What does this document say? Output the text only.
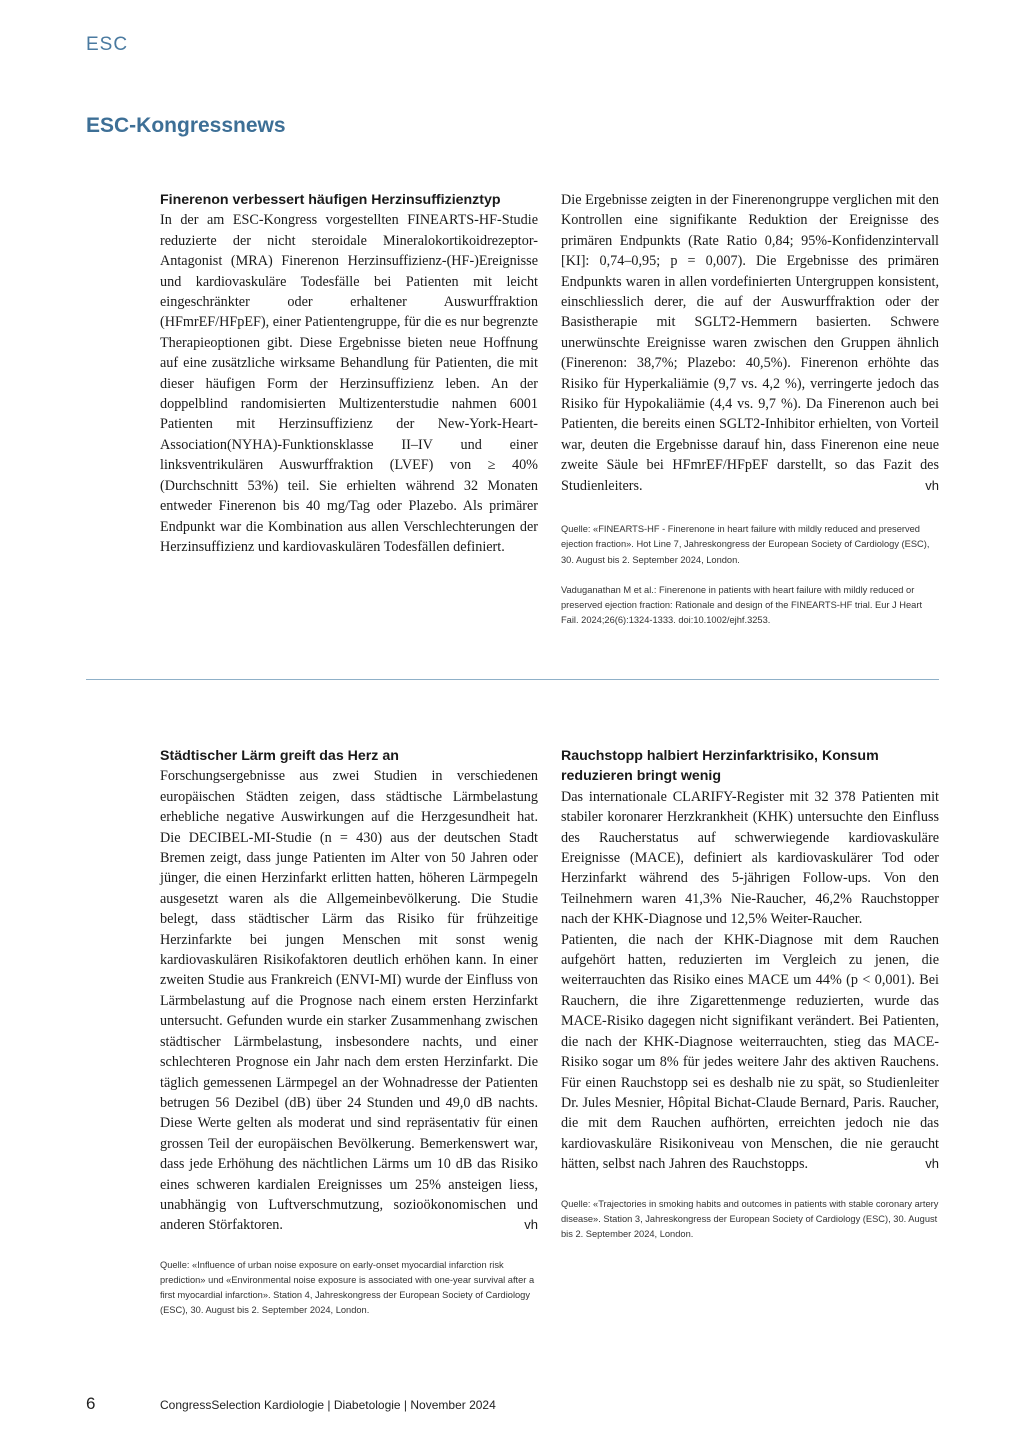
ESC
ESC-Kongressnews
Finerenon verbessert häufigen Herzinsuffizienztyp

In der am ESC-Kongress vorgestellten FINEARTS-HF-Studie reduzierte der nicht steroidale Mineralokortikoidrezeptor-Antagonist (MRA) Finerenon Herzinsuffizienz-(HF-)Ereignisse und kardiovaskuläre Todesfälle bei Patienten mit leicht eingeschränkter oder erhaltener Auswurffraktion (HFmrEF/HFpEF), einer Patientengruppe, für die es nur begrenzte Therapieoptionen gibt. Diese Ergebnisse bieten neue Hoffnung auf eine zusätzliche wirksame Behandlung für Patienten, die mit dieser häufigen Form der Herzinsuffizienz leben. An der doppelblind randomisierten Multizenterstudie nahmen 6001 Patienten mit Herzinsuffizienz der New-York-Heart-Association(NYHA)-Funktionsklasse II–IV und einer linksventrikulären Auswurffraktion (LVEF) von ≥ 40% (Durchschnitt 53%) teil. Sie erhielten während 32 Monaten entweder Finerenon bis 40 mg/Tag oder Plazebo. Als primärer Endpunkt war die Kombination aus allen Verschlechterungen der Herzinsuffizienz und kardiovaskulären Todesfällen definiert.

Die Ergebnisse zeigten in der Finerenongruppe verglichen mit den Kontrollen eine signifikante Reduktion der Ereignisse des primären Endpunkts (Rate Ratio 0,84; 95%-Konfidenzintervall [KI]: 0,74–0,95; p = 0,007). Die Ergebnisse des primären Endpunkts waren in allen vordefinierten Untergruppen konsistent, einschliesslich derer, die auf der Auswurffraktion oder der Basistherapie mit SGLT2-Hemmern basierten. Schwere unerwünschte Ereignisse waren zwischen den Gruppen ähnlich (Finerenon: 38,7%; Plazebo: 40,5%). Finerenon erhöhte das Risiko für Hyperkaliämie (9,7 vs. 4,2 %), verringerte jedoch das Risiko für Hypokaliämie (4,4 vs. 9,7 %). Da Finerenon auch bei Patienten, die bereits einen SGLT2-Inhibitor erhielten, von Vorteil war, deuten die Ergebnisse darauf hin, dass Finerenon eine neue zweite Säule bei HFmrEF/HFpEF darstellt, so das Fazit des Studienleiters.	vh

Quelle: «FINEARTS-HF - Finerenone in heart failure with mildly reduced and preserved ejection fraction». Hot Line 7, Jahreskongress der European Society of Cardiology (ESC), 30. August bis 2. September 2024, London.

Vaduganathan M et al.: Finerenone in patients with heart failure with mildly reduced or preserved ejection fraction: Rationale and design of the FINEARTS-HF trial. Eur J Heart Fail. 2024;26(6):1324-1333. doi:10.1002/ejhf.3253.

Städtischer Lärm greift das Herz an

Forschungsergebnisse aus zwei Studien in verschiedenen europäischen Städten zeigen, dass städtische Lärmbelastung erhebliche negative Auswirkungen auf die Herzgesundheit hat. Die DECIBEL-MI-Studie (n = 430) aus der deutschen Stadt Bremen zeigt, dass junge Patienten im Alter von 50 Jahren oder jünger, die einen Herzinfarkt erlitten hatten, höheren Lärmpegeln ausgesetzt waren als die Allgemeinbevölkerung. Die Studie belegt, dass städtischer Lärm das Risiko für frühzeitige Herzinfarkte bei jungen Menschen mit sonst wenig kardiovaskulären Risikofaktoren deutlich erhöhen kann. In einer zweiten Studie aus Frankreich (ENVI-MI) wurde der Einfluss von Lärmbelastung auf die Prognose nach einem ersten Herzinfarkt untersucht. Gefunden wurde ein starker Zusammenhang zwischen städtischer Lärmbelastung, insbesondere nachts, und einer schlechteren Prognose ein Jahr nach dem ersten Herzinfarkt. Die täglich gemessenen Lärmpegel an der Wohnadresse der Patienten betrugen 56 Dezibel (dB) über 24 Stunden und 49,0 dB nachts. Diese Werte gelten als moderat und sind repräsentativ für einen grossen Teil der europäischen Bevölkerung. Bemerkenswert war, dass jede Erhöhung des nächtlichen Lärms um 10 dB das Risiko eines schweren kardialen Ereignisses um 25% ansteigen liess, unabhängig von Luftverschmutzung, sozioökonomischen und anderen Störfaktoren.	vh

Quelle: «Influence of urban noise exposure on early-onset myocardial infarction risk prediction» und «Environmental noise exposure is associated with one-year survival after a first myocardial infarction». Station 4, Jahreskongress der European Society of Cardiology (ESC), 30. August bis 2. September 2024, London.

Rauchstopp halbiert Herzinfarktrisiko, Konsum reduzieren bringt wenig

Das internationale CLARIFY-Register mit 32 378 Patienten mit stabiler koronarer Herzkrankheit (KHK) untersuchte den Einfluss des Raucherstatus auf schwerwiegende kardiovaskuläre Ereignisse (MACE), definiert als kardiovaskulärer Tod oder Herzinfarkt während des 5-jährigen Follow-ups. Von den Teilnehmern waren 41,3% Nie-Raucher, 46,2% Rauchstopper nach der KHK-Diagnose und 12,5% Weiter-Raucher.

Patienten, die nach der KHK-Diagnose mit dem Rauchen aufgehört hatten, reduzierten im Vergleich zu jenen, die weiterrauchten das Risiko eines MACE um 44% (p < 0,001). Bei Rauchern, die ihre Zigarettenmenge reduzierten, wurde das MACE-Risiko dagegen nicht signifikant verändert. Bei Patienten, die nach der KHK-Diagnose weiterrauchten, stieg das MACE-Risiko sogar um 8% für jedes weitere Jahr des aktiven Rauchens. Für einen Rauchstopp sei es deshalb nie zu spät, so Studienleiter Dr. Jules Mesnier, Hôpital Bichat-Claude Bernard, Paris. Raucher, die mit dem Rauchen aufhörten, erreichten jedoch nie das kardiovaskuläre Risikoniveau von Menschen, die nie geraucht hätten, selbst nach Jahren des Rauchstopps.	vh

Quelle: «Trajectories in smoking habits and outcomes in patients with stable coronary artery disease». Station 3, Jahreskongress der European Society of Cardiology (ESC), 30. August bis 2. September 2024, London.

6	CongressSelection Kardiologie | Diabetologie | November 2024
